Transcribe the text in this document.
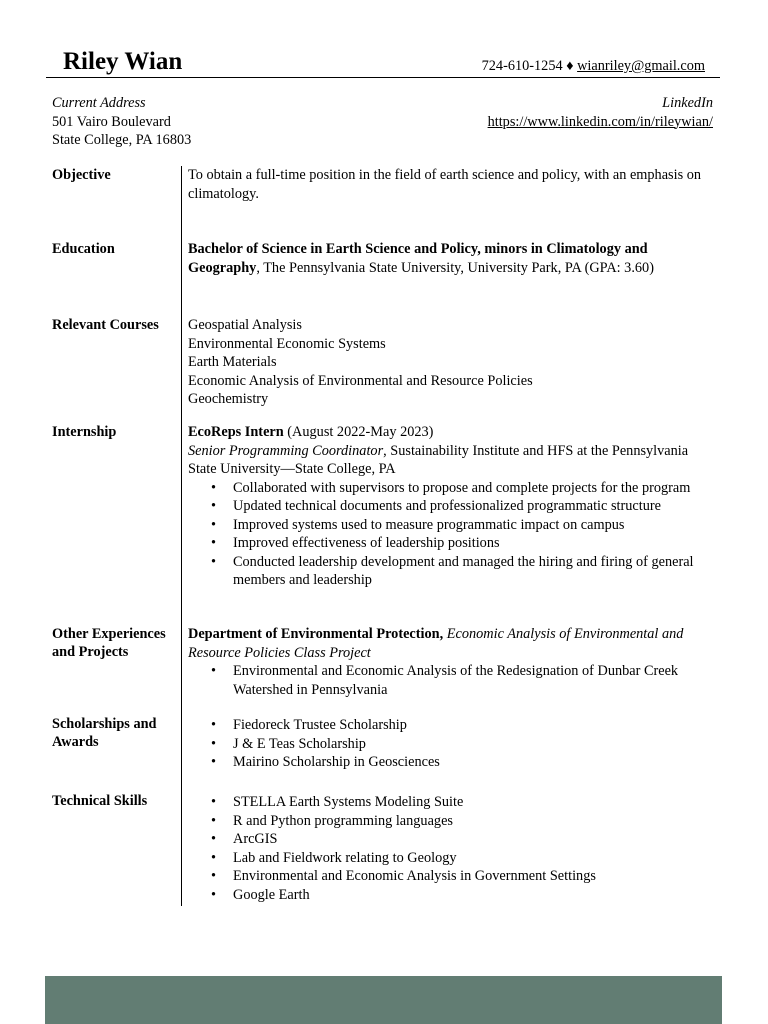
Riley Wian	724-610-1254 ♦ wianriley@gmail.com
Current Address
501 Vairo Boulevard
State College, PA 16803
LinkedIn
https://www.linkedin.com/in/rileywian/
Objective	To obtain a full-time position in the field of earth science and policy, with an emphasis on climatology.
Education	Bachelor of Science in Earth Science and Policy, minors in Climatology and Geography, The Pennsylvania State University, University Park, PA (GPA: 3.60)
Relevant Courses	Geospatial Analysis
Environmental Economic Systems
Earth Materials
Economic Analysis of Environmental and Resource Policies
Geochemistry
Internship	EcoReps Intern (August 2022-May 2023)
Senior Programming Coordinator, Sustainability Institute and HFS at the Pennsylvania State University—State College, PA
• Collaborated with supervisors to propose and complete projects for the program
• Updated technical documents and professionalized programmatic structure
• Improved systems used to measure programmatic impact on campus
• Improved effectiveness of leadership positions
• Conducted leadership development and managed the hiring and firing of general members and leadership
Other Experiences
and Projects
Department of Environmental Protection, Economic Analysis of Environmental and Resource Policies Class Project
• Environmental and Economic Analysis of the Redesignation of Dunbar Creek Watershed in Pennsylvania
Scholarships and
Awards
• Fiedoreck Trustee Scholarship
• J & E Teas Scholarship
• Mairino Scholarship in Geosciences
Technical Skills
•	STELLA Earth Systems Modeling Suite
• R and Python programming languages
• ArcGIS
• Lab and Fieldwork relating to Geology
• Environmental and Economic Analysis in Government Settings
• Google Earth
